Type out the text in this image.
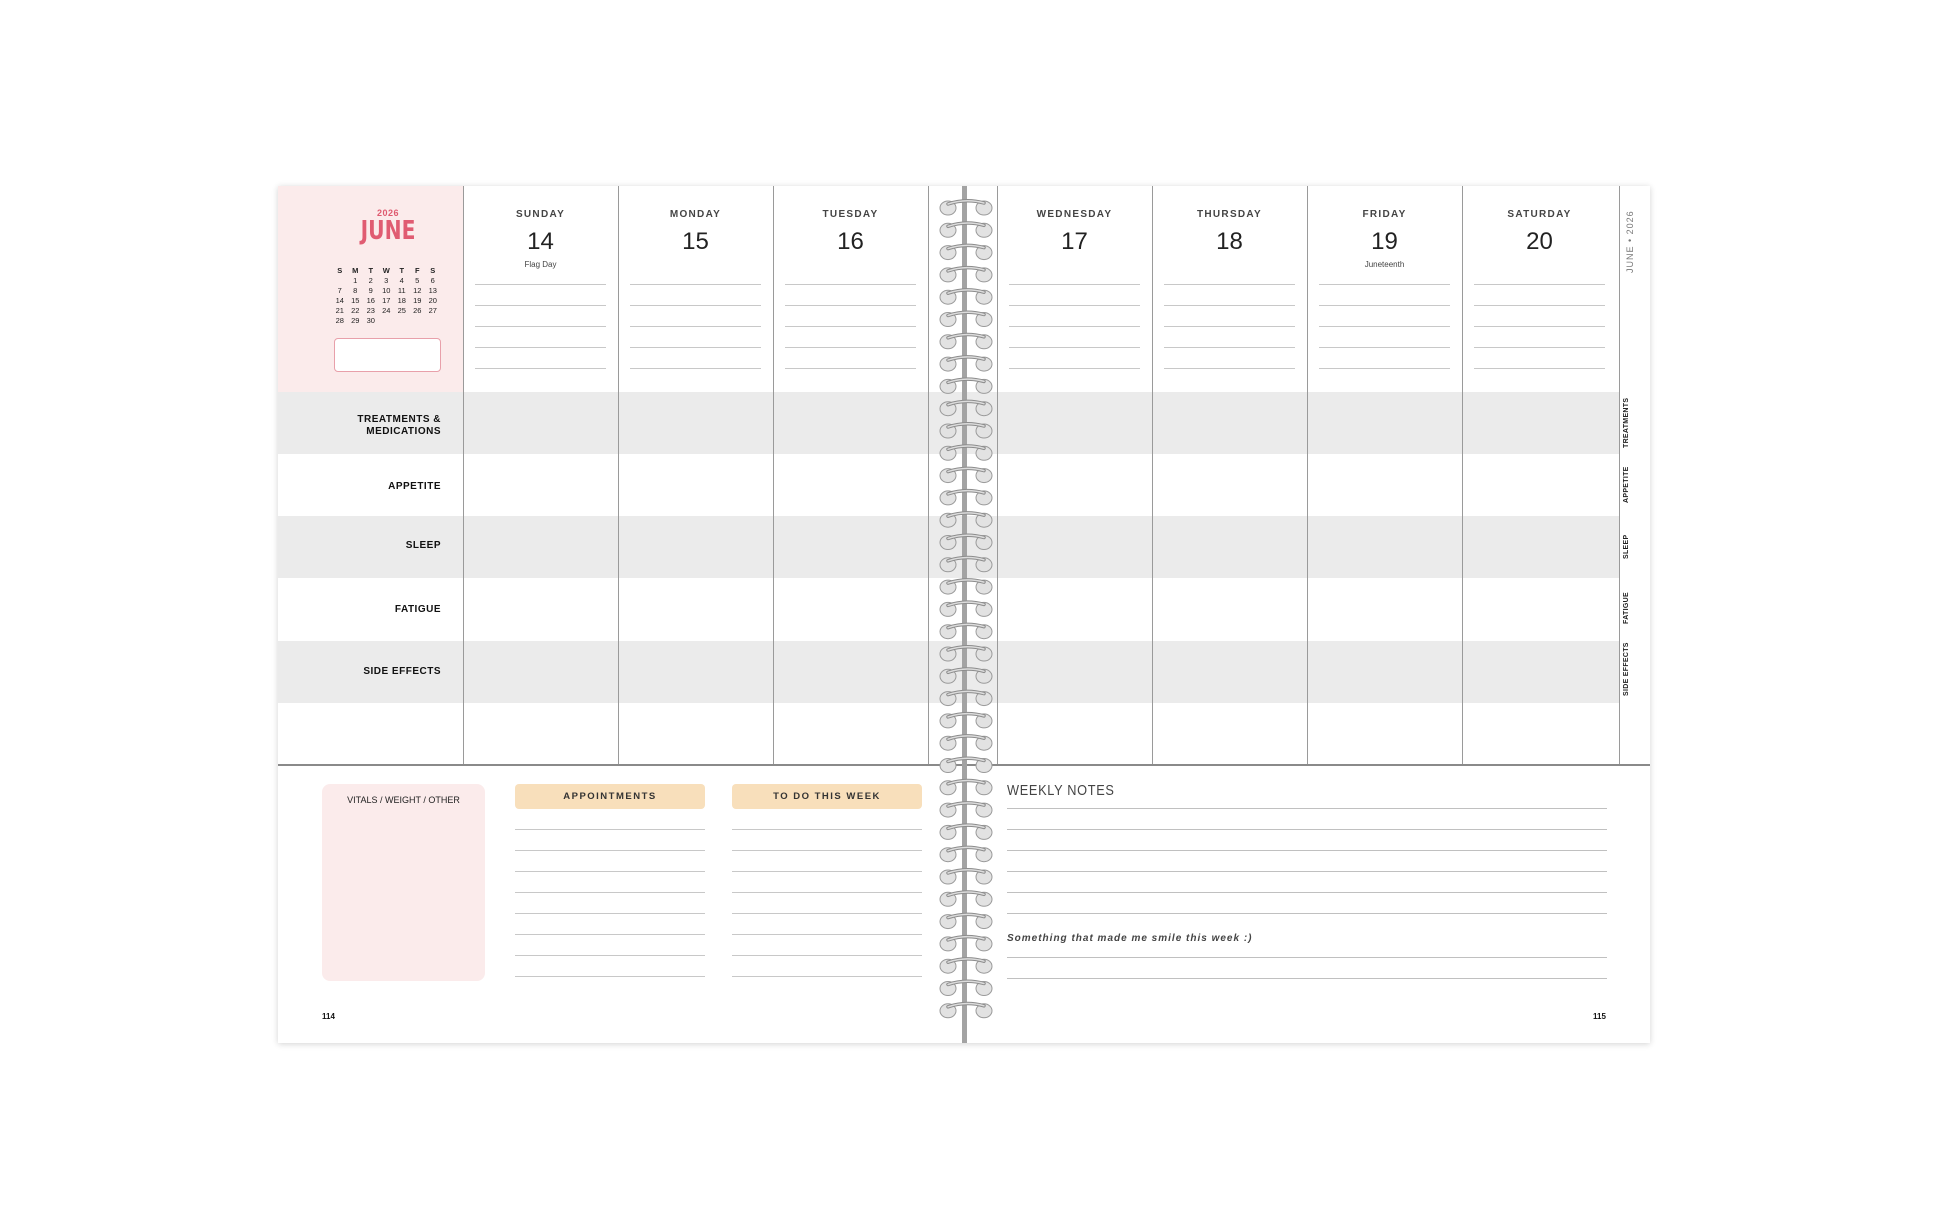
2026
JUNE
S	M	T	W	T	F	S
	1	2	3	4	5	6
7	8	9	10	11	12	13
14	15	16	17	18	19	20
21	22	23	24	25	26	27
28	29	30				
TREATMENTS &
MEDICATIONS
APPETITE
SLEEP
FATIGUE
SIDE EFFECTS
SUNDAY
14
Flag Day
MONDAY
15
TUESDAY
16
WEDNESDAY
17
THURSDAY
18
FRIDAY
19
Juneteenth
SATURDAY
20	JUNE • 2026
TREATMENTS
APPETITE
SLEEP
FATIGUE
SIDE EFFECTS
VITALS / WEIGHT / OTHER	APPOINTMENTS	TO DO THIS WEEK	WEEKLY NOTES
Something that made me smile this week :)
114	115
